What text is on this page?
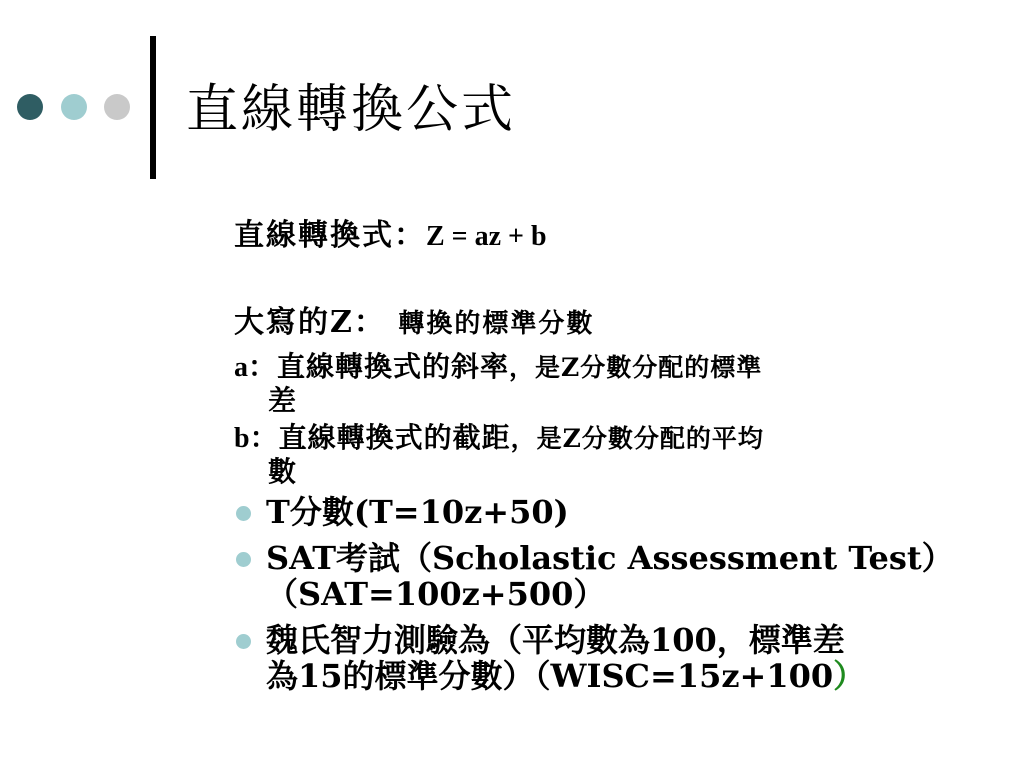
直線轉換公式
直線轉換式：Z = az + b
大寫的Z： 轉換的標準分數
a：直線轉換式的斜率，是Z分數分配的標準
差
b：直線轉換式的截距，是Z分數分配的平均
數
T分數(T=10z+50)
SAT考試（Scholastic Assessment Test）
（SAT=100z+500）
魏氏智力測驗為（平均數為100，標準差
為15的標準分數）（WISC=15z+100）
